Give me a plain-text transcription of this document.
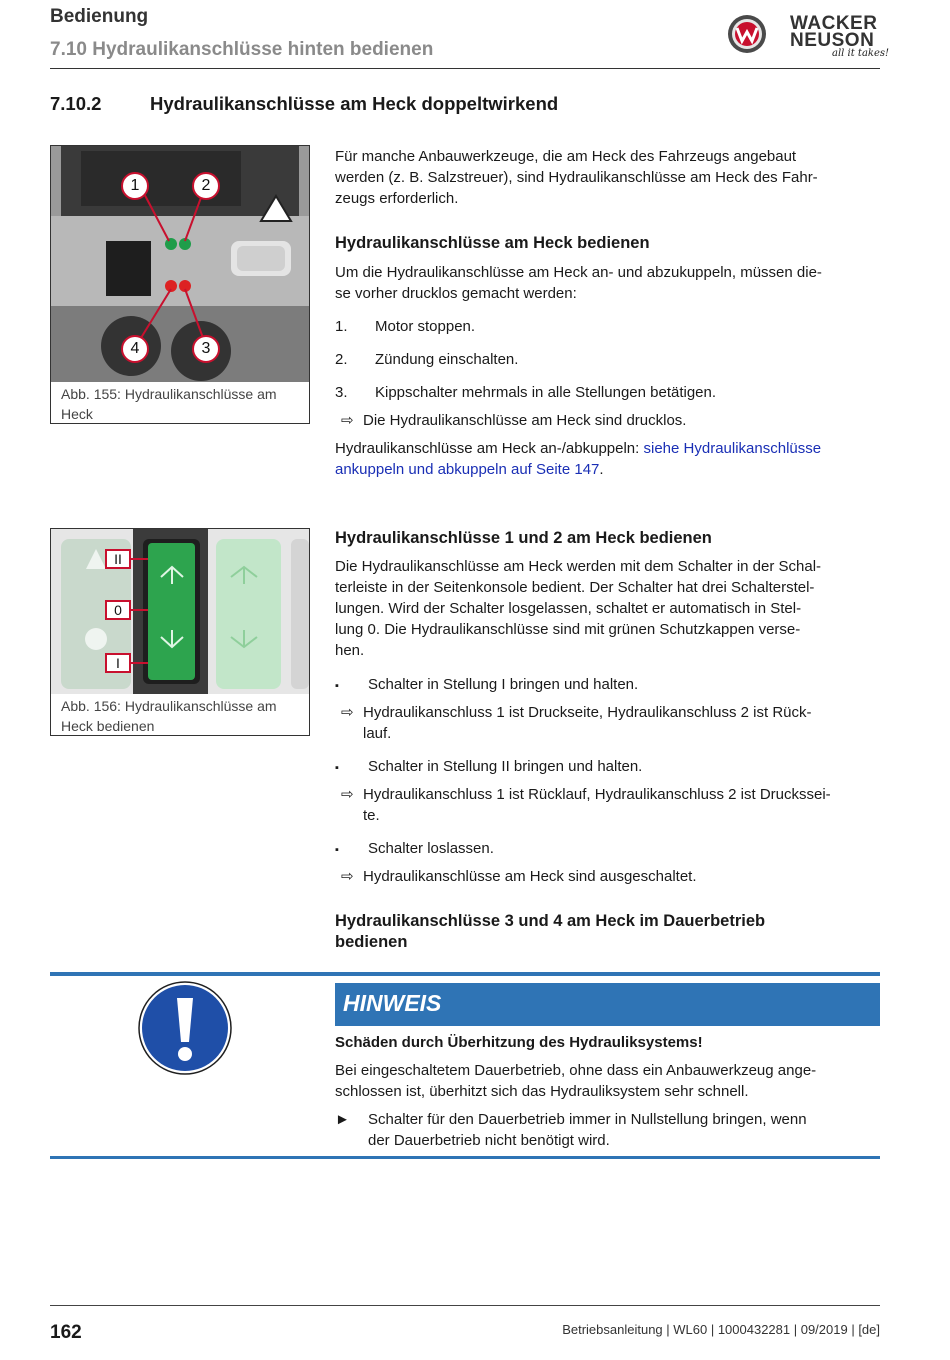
Bedienung
7.10 Hydraulikanschlüsse hinten bedienen
WACKER
NEUSON
all it takes!
7.10.2	Hydraulikanschlüsse am Heck doppeltwirkend
1	2
3
4
Abb. 155: Hydraulikanschlüsse am
Heck
Für manche Anbauwerkzeuge, die am Heck des Fahrzeugs angebaut
werden (z. B. Salzstreuer), sind Hydraulikanschlüsse am Heck des Fahr-
zeugs erforderlich.
Hydraulikanschlüsse am Heck bedienen
Um die Hydraulikanschlüsse am Heck an- und abzukuppeln, müssen die-
se vorher drucklos gemacht werden:
1. Motor stoppen.
2. Zündung einschalten.
3. Kippschalter mehrmals in alle Stellungen betätigen.
⇨ Die Hydraulikanschlüsse am Heck sind drucklos.
Hydraulikanschlüsse am Heck an-/abkuppeln: siehe Hydraulikanschlüsse
ankuppeln und abkuppeln auf Seite 147.
II
0
I
Abb. 156: Hydraulikanschlüsse am
Heck bedienen
Hydraulikanschlüsse 1 und 2 am Heck bedienen
Die Hydraulikanschlüsse am Heck werden mit dem Schalter in der Schal-
terleiste in der Seitenkonsole bedient. Der Schalter hat drei Schalterstel-
lungen. Wird der Schalter losgelassen, schaltet er automatisch in Stel-
lung 0. Die Hydraulikanschlüsse sind mit grünen Schutzkappen verse-
hen.
▪ Schalter in Stellung I bringen und halten.
⇨ Hydraulikanschluss 1 ist Druckseite, Hydraulikanschluss 2 ist Rück-
lauf.
▪ Schalter in Stellung II bringen und halten.
⇨ Hydraulikanschluss 1 ist Rücklauf, Hydraulikanschluss 2 ist Druckssei-
te.
▪ Schalter loslassen.
⇨ Hydraulikanschlüsse am Heck sind ausgeschaltet.
Hydraulikanschlüsse 3 und 4 am Heck im Dauerbetrieb
bedienen
HINWEIS
Schäden durch Überhitzung des Hydrauliksystems!
Bei eingeschaltetem Dauerbetrieb, ohne dass ein Anbauwerkzeug ange-
schlossen ist, überhitzt sich das Hydrauliksystem sehr schnell.
► Schalter für den Dauerbetrieb immer in Nullstellung bringen, wenn
der Dauerbetrieb nicht benötigt wird.
162	Betriebsanleitung | WL60 | 1000432281 | 09/2019 | [de]
